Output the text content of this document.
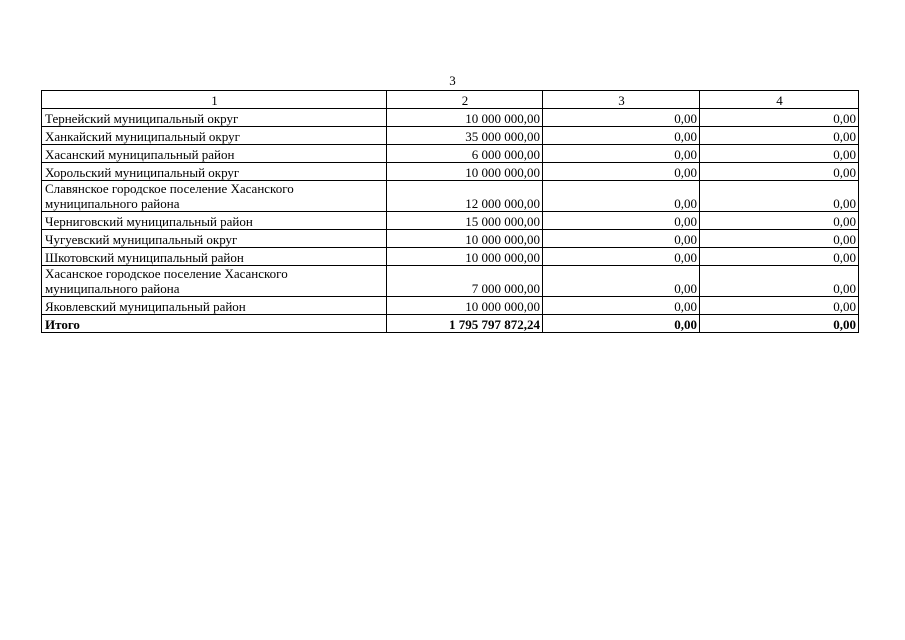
3
1	2	3	4

Тернейский муниципальный округ	10 000 000,00	0,00	0,00

Ханкайский муниципальный округ	35 000 000,00	0,00	0,00

Хасанский муниципальный район	6 000 000,00	0,00	0,00

Хорольский муниципальный округ	10 000 000,00	0,00	0,00

Славянское городское поселение Хасанского
муниципального района	12 000 000,00	0,00	0,00

Черниговский муниципальный район	15 000 000,00	0,00	0,00

Чугуевский муниципальный округ	10 000 000,00	0,00	0,00

Шкотовский муниципальный район	10 000 000,00	0,00	0,00

Хасанское городское поселение Хасанского
муниципального района	7 000 000,00	0,00	0,00

Яковлевский муниципальный район	10 000 000,00	0,00	0,00
Итого	1 795 797 872,24	0,00	0,00
